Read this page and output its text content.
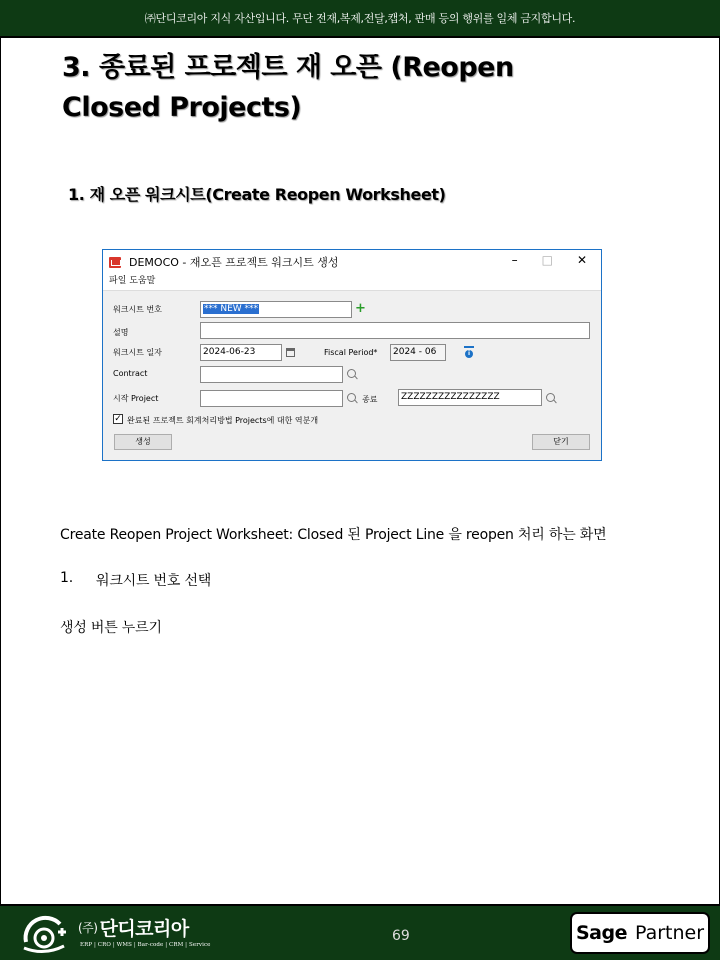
㈜단디코리아 지식 자산입니다. 무단 전재,복제,전달,캡처, 판매 등의 행위를 일체 금지합니다.
3. 종료된 프로젝트 재 오픈 (Reopen
Closed Projects)
1. 재 오픈 워크시트(Create Reopen Worksheet)
DEMOCO - 재오픈 프로젝트 워크시트 생성	– □ ✕
파일 도움말
워크시트 번호	*** NEW ***	+
설명
워크시트 일자	2024-06-23	Fiscal Period*	2024 - 06	i
Contract
시작 Project	종료	ZZZZZZZZZZZZZZZZ
✓ 완료된 프로젝트 회계처리방법 Projects에 대한 역분개
생성	닫기
Create Reopen Project Worksheet: Closed 된 Project Line 을 reopen 처리 하는 화면
1. 워크시트 번호 선택
생성 버튼 누르기
(주) 단디코리아
ERP | CRO | WMS | Bar-code | CRM | Service
69	Sage Partner
